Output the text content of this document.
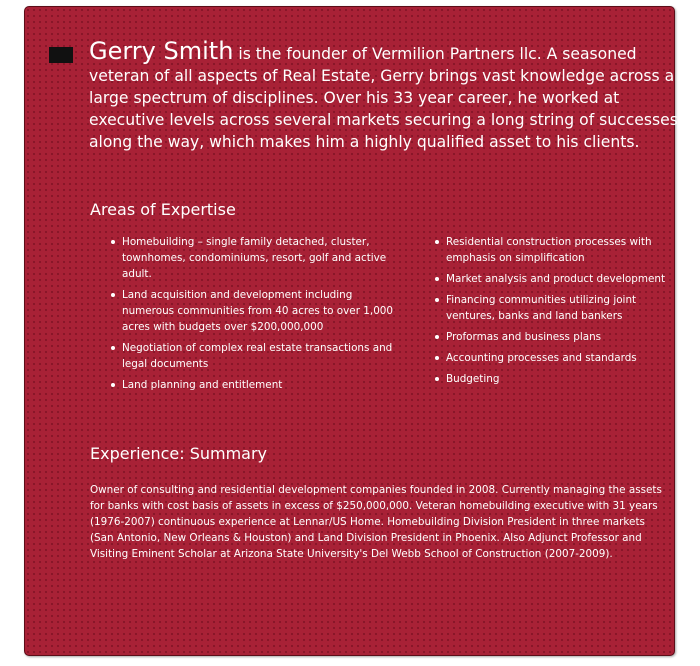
Gerry Smith is the founder of Vermilion Partners llc. A seasoned veteran of all aspects of Real Estate, Gerry brings vast knowledge across a large spectrum of disciplines. Over his 33 year career, he worked at executive levels across several markets securing a long string of successes along the way, which makes him a highly qualified asset to his clients.

Areas of Expertise
Homebuilding – single family detached, cluster, townhomes, condominiums, resort, golf and active adult.
Land acquisition and development including numerous communities from 40 acres to over 1,000 acres with budgets over $200,000,000
Negotiation of complex real estate transactions and legal documents
Land planning and entitlement
Residential construction processes with emphasis on simplification
Market analysis and product development
Financing communities utilizing joint ventures, banks and land bankers
Proformas and business plans
Accounting processes and standards
Budgeting
Experience: Summary

Owner of consulting and residential development companies founded in 2008. Currently managing the assets for banks with cost basis of assets in excess of $250,000,000. Veteran homebuilding executive with 31 years (1976-2007) continuous experience at Lennar/US Home. Homebuilding Division President in three markets (San Antonio, New Orleans & Houston) and Land Division President in Phoenix. Also Adjunct Professor and Visiting Eminent Scholar at Arizona State University's Del Webb School of Construction (2007-2009).
